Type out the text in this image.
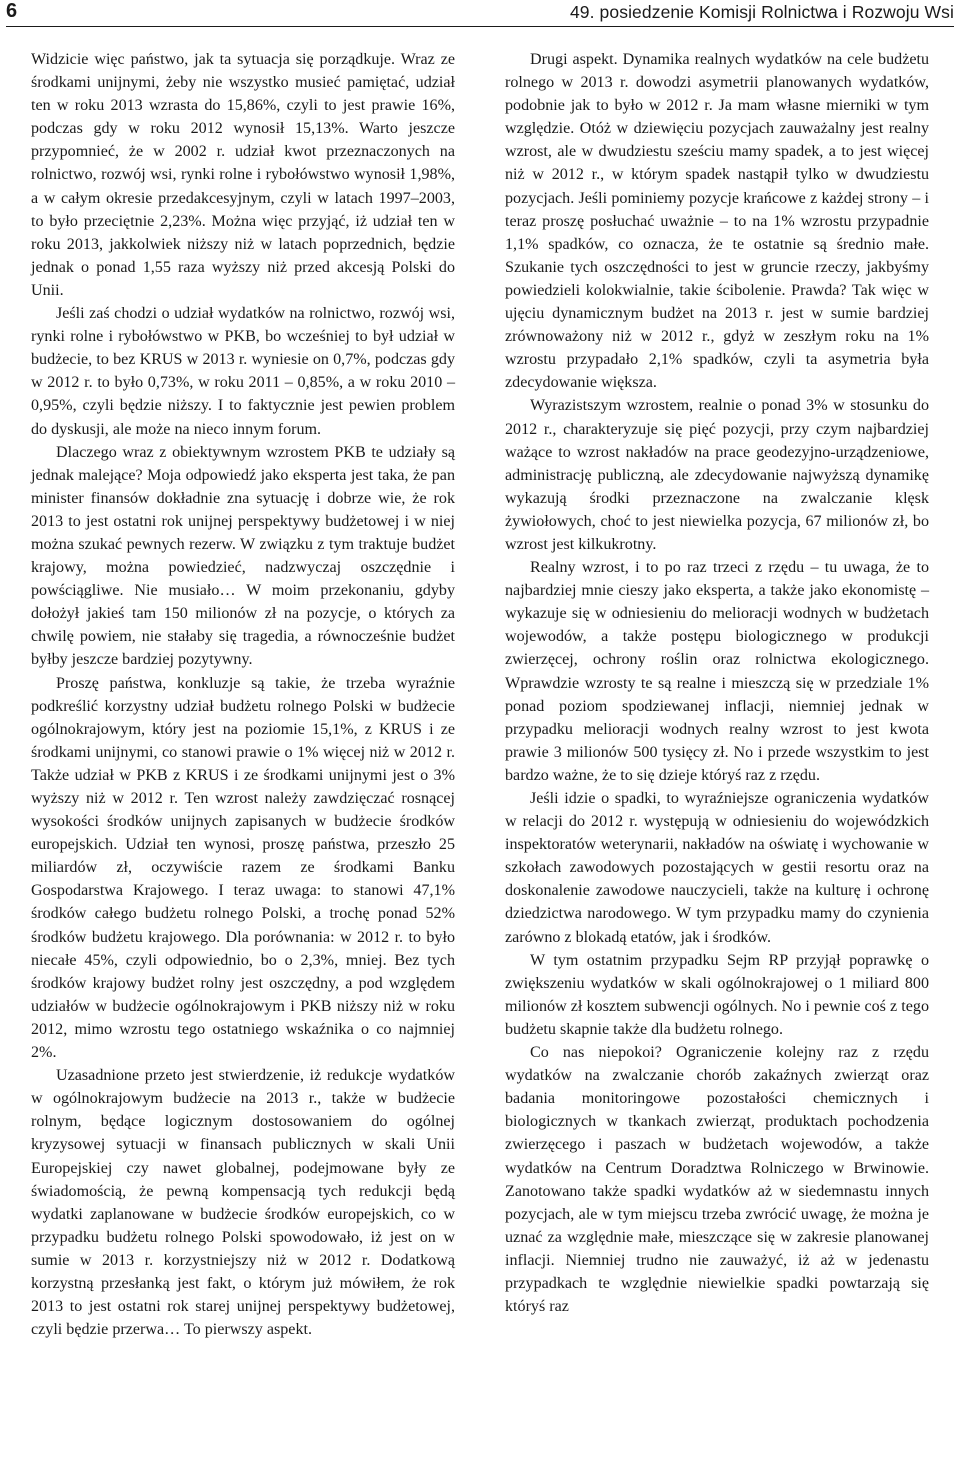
6	49. posiedzenie Komisji Rolnictwa i Rozwoju Wsi

Widzicie więc państwo, jak ta sytuacja się porządkuje. Wraz ze środkami unijnymi, żeby nie wszystko musieć pamiętać, udział ten w roku 2013 wzrasta do 15,86%, czyli to jest prawie 16%, podczas gdy w roku 2012 wynosił 15,13%. Warto jeszcze przypomnieć, że w 2002 r. udział kwot przeznaczonych na rolnictwo, rozwój wsi, rynki rolne i rybołówstwo wynosił 1,98%, a w całym okresie przedakcesyjnym, czyli w latach 1997–2003, to było przeciętnie 2,23%. Można więc przyjąć, iż udział ten w roku 2013, jakkolwiek niższy niż w latach poprzednich, będzie jednak o ponad 1,55 raza wyższy niż przed akcesją Polski do Unii.

Jeśli zaś chodzi o udział wydatków na rolnictwo, rozwój wsi, rynki rolne i rybołówstwo w PKB, bo wcześniej to był udział w budżecie, to bez KRUS w 2013 r. wyniesie on 0,7%, podczas gdy w 2012 r. to było 0,73%, w roku 2011 – 0,85%, a w roku 2010 – 0,95%, czyli będzie niższy. I to faktycznie jest pewien problem do dyskusji, ale może na nieco innym forum.

Dlaczego wraz z obiektywnym wzrostem PKB te udziały są jednak malejące? Moja odpowiedź jako eksperta jest taka, że pan minister finansów dokładnie zna sytuację i dobrze wie, że rok 2013 to jest ostatni rok unijnej perspektywy budżetowej i w niej można szukać pewnych rezerw. W związku z tym traktuje budżet krajowy, można powiedzieć, nadzwyczaj oszczędnie i powściągliwe. Nie musiało… W moim przekonaniu, gdyby dołożył jakieś tam 150 milionów zł na pozycje, o których za chwilę powiem, nie stałaby się tragedia, a równocześnie budżet byłby jeszcze bardziej pozytywny.

Proszę państwa, konkluzje są takie, że trzeba wyraźnie podkreślić korzystny udział budżetu rolnego Polski w budżecie ogólnokrajowym, który jest na poziomie 15,1%, z KRUS i ze środkami unijnymi, co stanowi prawie o 1% więcej niż w 2012 r. Także udział w PKB z KRUS i ze środkami unijnymi jest o 3% wyższy niż w 2012 r. Ten wzrost należy zawdzięczać rosnącej wysokości środków unijnych zapisanych w budżecie środków europejskich. Udział ten wynosi, proszę państwa, przeszło 25 miliardów zł, oczywiście razem ze środkami Banku Gospodarstwa Krajowego. I teraz uwaga: to stanowi 47,1% środków całego budżetu rolnego Polski, a trochę ponad 52% środków budżetu krajowego. Dla porównania: w 2012 r. to było niecałe 45%, czyli odpowiednio, bo o 2,3%, mniej. Bez tych środków krajowy budżet rolny jest oszczędny, a pod względem udziałów w budżecie ogólnokrajowym i PKB niższy niż w roku 2012, mimo wzrostu tego ostatniego wskaźnika o co najmniej 2%.

Uzasadnione przeto jest stwierdzenie, iż redukcje wydatków w ogólnokrajowym budżecie na 2013 r., także w budżecie rolnym, będące logicznym dostosowaniem do ogólnej kryzysowej sytuacji w finansach publicznych w skali Unii Europejskiej czy nawet globalnej, podejmowane były ze świadomością, że pewną kompensacją tych redukcji będą wydatki zaplanowane w budżecie środków europejskich, co w przypadku budżetu rolnego Polski spowodowało, iż jest on w sumie w 2013 r. korzystniejszy niż w 2012 r. Dodatkową korzystną przesłanką jest fakt, o którym już mówiłem, że rok 2013 to jest ostatni rok starej unijnej perspektywy budżetowej, czyli będzie przerwa… To pierwszy aspekt.

Drugi aspekt. Dynamika realnych wydatków na cele budżetu rolnego w 2013 r. dowodzi asymetrii planowanych wydatków, podobnie jak to było w 2012 r. Ja mam własne mierniki w tym względzie. Otóż w dziewięciu pozycjach zauważalny jest realny wzrost, ale w dwudziestu sześciu mamy spadek, a to jest więcej niż w 2012 r., w którym spadek nastąpił tylko w dwudziestu pozycjach. Jeśli pominiemy pozycje krańcowe z każdej strony – i teraz proszę posłuchać uważnie – to na 1% wzrostu przypadnie 1,1% spadków, co oznacza, że te ostatnie są średnio małe. Szukanie tych oszczędności to jest w gruncie rzeczy, jakbyśmy powiedzieli kolokwialnie, takie ścibolenie. Prawda? Tak więc w ujęciu dynamicznym budżet na 2013 r. jest w sumie bardziej zrównoważony niż w 2012 r., gdyż w zeszłym roku na 1% wzrostu przypadało 2,1% spadków, czyli ta asymetria była zdecydowanie większa.

Wyrazistszym wzrostem, realnie o ponad 3% w stosunku do 2012 r., charakteryzuje się pięć pozycji, przy czym najbardziej ważące to wzrost nakładów na prace geodezyjno-urządzeniowe, administrację publiczną, ale zdecydowanie najwyższą dynamikę wykazują środki przeznaczone na zwalczanie klęsk żywiołowych, choć to jest niewielka pozycja, 67 milionów zł, bo wzrost jest kilkukrotny.

Realny wzrost, i to po raz trzeci z rzędu – tu uwaga, że to najbardziej mnie cieszy jako eksperta, a także jako ekonomistę – wykazuje się w odniesieniu do melioracji wodnych w budżetach wojewodów, a także postępu biologicznego w produkcji zwierzęcej, ochrony roślin oraz rolnictwa ekologicznego. Wprawdzie wzrosty te są realne i mieszczą się w przedziale 1% ponad poziom spodziewanej inflacji, niemniej jednak w przypadku melioracji wodnych realny wzrost to jest kwota prawie 3 milionów 500 tysięcy zł. No i przede wszystkim to jest bardzo ważne, że to się dzieje któryś raz z rzędu.

Jeśli idzie o spadki, to wyraźniejsze ograniczenia wydatków w relacji do 2012 r. występują w odniesieniu do wojewódzkich inspektoratów weterynarii, nakładów na oświatę i wychowanie w szkołach zawodowych pozostających w gestii resortu oraz na doskonalenie zawodowe nauczycieli, także na kulturę i ochronę dziedzictwa narodowego. W tym przypadku mamy do czynienia zarówno z blokadą etatów, jak i środków.

W tym ostatnim przypadku Sejm RP przyjął poprawkę o zwiększeniu wydatków w skali ogólnokrajowej o 1 miliard 800 milionów zł kosztem subwencji ogólnych. No i pewnie coś z tego budżetu skapnie także dla budżetu rolnego.

Co nas niepokoi? Ograniczenie kolejny raz z rzędu wydatków na zwalczanie chorób zakaźnych zwierząt oraz badania monitoringowe pozostałości chemicznych i biologicznych w tkankach zwierząt, produktach pochodzenia zwierzęcego i paszach w budżetach wojewodów, a także wydatków na Centrum Doradztwa Rolniczego w Brwinowie. Zanotowano także spadki wydatków aż w siedemnastu innych pozycjach, ale w tym miejscu trzeba zwrócić uwagę, że można je uznać za względnie małe, mieszczące się w zakresie planowanej inflacji. Niemniej trudno nie zauważyć, iż aż w jedenastu przypadkach te względnie niewielkie spadki powtarzają się któryś raz
